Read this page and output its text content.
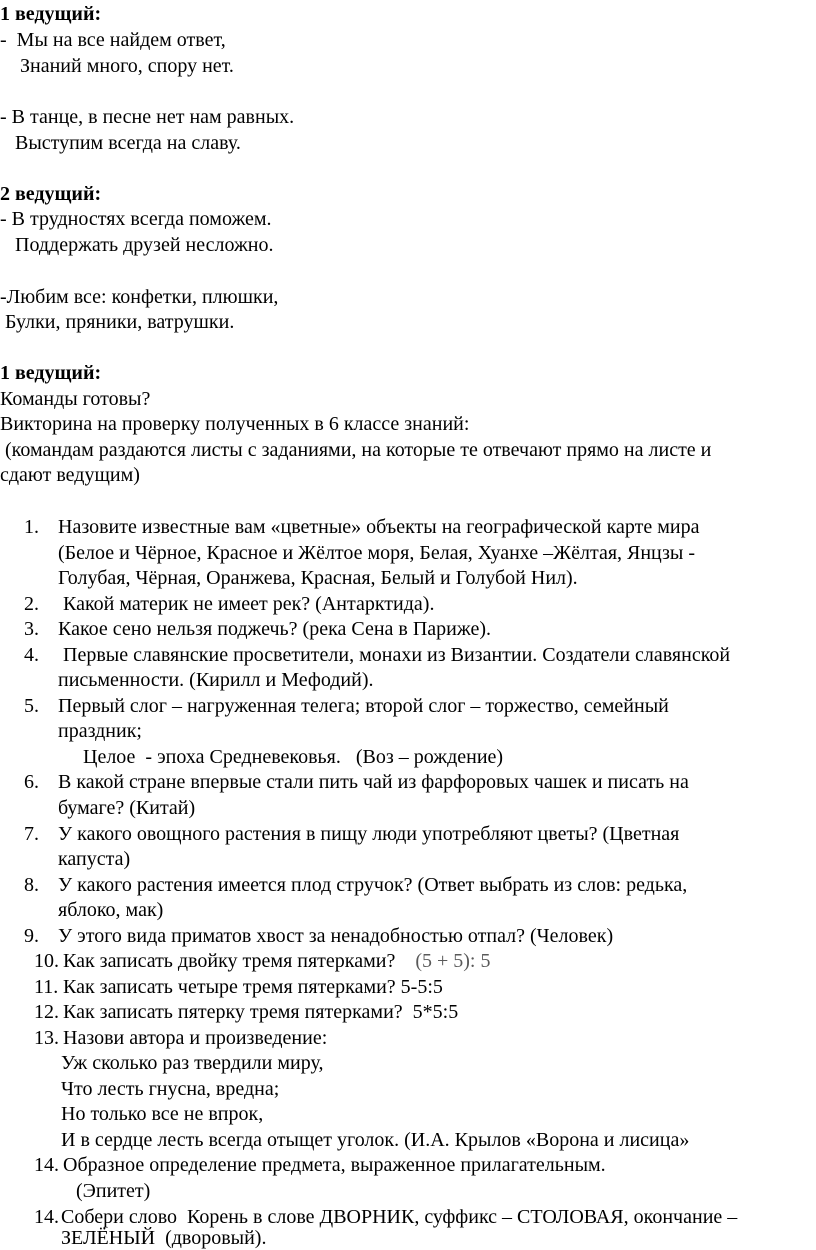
1 ведущий:
-  Мы на все найдем ответ,
Знаний много, спору нет.
- В танце, в песне нет нам равных.
Выступим всегда на славу.
2 ведущий:
- В трудностях всегда поможем.
Поддержать друзей несложно.
-Любим все: конфетки, плюшки,
Булки, пряники, ватрушки.
1 ведущий:
Команды готовы?
Викторина на проверку полученных в 6 классе знаний:
(командам раздаются листы с заданиями, на которые те отвечают прямо на листе и
сдают ведущим)
1. Назовите известные вам «цветные» объекты на географической карте мира
(Белое и Чёрное, Красное и Жёлтое моря, Белая, Хуанхе –Жёлтая, Янцзы -
Голубая, Чёрная, Оранжева, Красная, Белый и Голубой Нил).
2. Какой материк не имеет рек? (Антарктида).
3. Какое сено нельзя поджечь? (река Сена в Париже).
4. Первые славянские просветители, монахи из Византии. Создатели славянской
письменности. (Кирилл и Мефодий).
5. Первый слог – нагруженная телега; второй слог – торжество, семейный
праздник;
Целое  - эпоха Средневековья.   (Воз – рождение)
6. В какой стране впервые стали пить чай из фарфоровых чашек и писать на
бумаге? (Китай)
7. У какого овощного растения в пищу люди употребляют цветы? (Цветная
капуста)
8. У какого растения имеется плод стручок? (Ответ выбрать из слов: редька,
яблоко, мак)
9. У этого вида приматов хвост за ненадобностью отпал? (Человек)
10. Как записать двойку тремя пятерками? (5 + 5): 5
11. Как записать четыре тремя пятерками? 5-5:5
12. Как записать пятерку тремя пятерками?  5*5:5
13. Назови автора и произведение:
Уж сколько раз твердили миру,
Что лесть гнусна, вредна;
Но только все не впрок,
И в сердце лесть всегда отыщет уголок. (И.А. Крылов «Ворона и лисица»
14. Образное определение предмета, выраженное прилагательным.
(Эпитет)
14. Собери слово  Корень в слове ДВОРНИК, суффикс – СТОЛОВАЯ, окончание –
ЗЕЛЁНЫЙ  (дворовый).
